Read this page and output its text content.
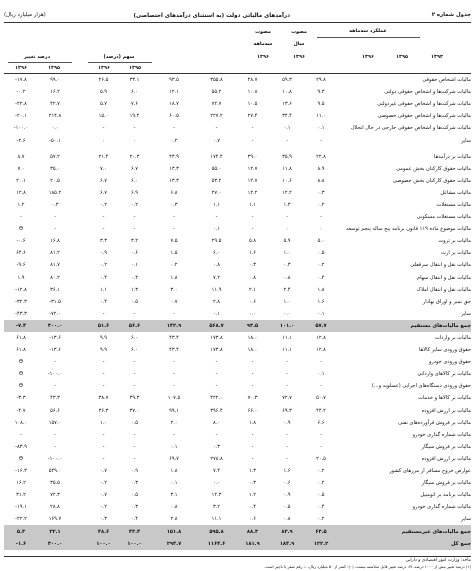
(هزار میلیارد ریال)	درآمدهای مالیاتی دولت (به استثنای درآمدهای اختصاصی)	جدول شماره ۲
عملکرد سه‌ماهه
مصوب
سال
مصوب
سه‌ماهه
سهم (درصد)
درصد تغییر	۱۳۹۴
۱۳۹۵
۱۳۹۶
۱۳۹۶
۱۳۹۶
۱۳۹۵
۱۳۹۶
۱۳۹۵
۱۳۹۶
-۱۷.۸	۹۹.۰		۲۶.۵	۳۳.۱	۹۳.۵	۳۵۵.۸	۴۸.۷	۵۹.۳	۲۹.۸	مالیات اشخاص حقوقی
-۰.۲	۱۶.۲		۵.۹	۶.۰	۱۲.۱	۵۵.۲	۱۰.۸	۱۰.۸	۹.۳	مالیات شرکت‌ها و اشخاص حقوقی دولتی
-۲۲.۸	۴۲.۷		۵.۷	۷.۶	۱۸.۷	۷۲.۷	۱۰.۵	۱۳.۶	۹.۵	مالیات شرکت‌ها و اشخاص حقوقی غیردولتی
-۲۰.۱	۲۱۴.۸		۱۵.۰	۱۹.۲	۶۰.۵	۲۲۷.۲	۲۷.۴	۳۴.۴	۱۱.۰	مالیات شرکت‌ها و اشخاص حقوقی خصوصی
-۱۰۰.۰	۰.۰		-	-	-	-	-	۰.۱	۰.۱	مالیات شرکت‌ها و اشخاص حقوقی خارجی در حال انحلال
-۲.۶	-۵۰.۱		۰	۰	۰.۲	۰.۷	-	-	-	سایر

۸.۷	۵۷.۲		۲۱.۴	۲۰.۳	۴۳.۹	۱۷۴.۴	۳۹.۰	۳۵.۹	۲۲.۸	مالیات بر درآمدها
۷.۰	۳۵.۰		۷.۰	۶.۷	۱۳.۳	۵۵.۰	۱۲.۷	۱۱.۸	۸.۹	مالیات حقوق کارکنان بخش عمومی
۲۰.۱	۲۰.۵		۶.۷	۶.۰	۱۳.۳	۵۳.۲	۱۲.۷	۱۰.۶	۸.۸	مالیات حقوق کارکنان بخش خصوصی
۱۲.۸	۱۸۵.۲		۶.۷	۶.۹	۶.۸	۲۷.۰	۱۲.۲	۱۲.۲	۰.۳	مالیات مشاغل
۱.۲	۰.۳		۰.۲	۰.۲	۰.۳	۱.۱	۱.۱	۱.۳	۰.۲	مالیات مستغلات
-	-		-	-	-	-	-	-	-	مالیات مستغلات مسکونی
Θ	-		-	-	-	۰.۱	-	۰	۰	مالیات موضوع ماده ۱۱۹ قانون برنامه پنج ساله پنجم توسعه
-۰.۶	۱۶.۸		۳.۳	۳.۲	۷.۵	۲۹.۵	۵.۸	۵.۹	۵.۰	مالیات بر ثروت
۶۴.۶	۸۱.۲		۰.۹	۰.۶	۱.۵	۶.۰	۱.۶	۱.۰	۰.۵	مالیات بر ارث
-۹.۶	۸۱.۷		۰.۲	۰.۱	۰.۲	۰.۸	۰.۳	۰.۳	۰.۲	مالیات نقل و انتقال سرقفلی
۱.۹	۸۰.۲		۰.۴	۰.۴	۱.۸	۷.۲	۰.۸	۰.۸	۰.۴	مالیات نقل و انتقال سهام
-۱۲.۸	۳۶.۱		۱.۱	۱.۳	۳.۰	۱۱.۹	۲.۱	۲.۴	۱.۸	مالیات نقل و انتقال املاک
-۳۲.۳	-۳۱.۵		۰.۴	۰.۵	۰.۷	۲.۸	۰.۶	۱.۰	۱.۶	حق تمبر و اوراق بهادار
-۴۳.۳	-۷۲.۰		-	-	-	۰.۱	۰.۰	۰.۰	۰.۱	سایر
-۷.۴	۳۰۰.۰		۵۱.۶	۵۶.۶	۱۴۲.۹	۵۶۸.۷	۹۳.۵	۱۰۱.۰	۵۷.۷	جمع مالیات‌های مستقیم
۶۱.۸	-۱۳.۶		۹.۹	۶.۰	۴۳.۴	۱۷۳.۸	۱۸.۰	۱۱.۱	۱۲.۸	مالیات بر واردات
۶۱.۸	-۱۳.۶		۹.۹	۶.۰	۴۳.۴	۱۷۳.۸	۱۸.۰	۱۱.۱	۱۲.۸	حقوق ورودی سایر کالاها
Θ	-		-	-	-	-	-	-	-	حقوق ورودی خودرو
Θ	-۱۰۰.۰		-	-	-	-	-	-	۰.۱	مالیات بر کالاهای وارداتی
Θ	-		-	-	-	-	-	-	-	حقوق ورودی دستگاه‌های اجرایی (عسلویه و...)
-۳.۳	۴۳.۳		۳۸.۷	۳۹.۳	۱۰۷.۵	۴۲۲.۰	۷۰.۳	۷۲.۷	۵۰.۷	مالیات بر کالاها و خدمات
-۴.۷	۵۶.۶		۳۶.۳	۳۷.۰	۹۹.۱	۳۹۶.۴	۶۶.۰	۶۹.۳	۴۴.۲	مالیات بر ارزش افزوده
۱۰۸.۰	۱۵۷.۰		۱.۰	۰.۵	۲.۰	۸.۰	۱.۸	۰.۹	۶.۶	مالیات بر فروش فرآورده‌های نفتی
-	-		-	-	-	-	-	-	-	مالیات شماره گذاری خودرو
-۸۳.۹	-		-	-	۰.۱	۰.۳	-	-	-	مالیات بر فروش سیگار
Θ	-۱۰۰.۰		-	-	۶۹.۷	۲۷۸.۸	-	-	۲۰.۵	مالیات بر ارزش افزوده
-۱۶.۳	۵۴۹.۰		۰.۷	۰.۹	۱.۸	۷.۴	۱.۳	۱.۶	۰.۲	عوارض خروج مسافر از مرزهای کشور
۱۶.۲	۳۵.۵		۰.۲	۰.۳	۰.۱	۰.۰	۰.۳	۰.۶	۰.۲	مالیات بر فروش سیگار
۳۱.۲	۷۲.۳		۰.۷	۰.۵	۳.۱	۱۲.۳	۱.۲	۰.۹	۰.۵	مالیات برنامه بر اتومبیل
-۱۹.۱	۲۸.۸		۰.۲	۰.۳	۰.۸	۳.۲	۰.۴	۰.۵	۰.۴	مالیات شماره گذاری خودرو
-۲۲.۲	۱۶۹.۷		۰.۳	۰.۴	۲.۸	۱۱.۱	۰.۶	۰.۸	۰.۲	سایر
۵.۳	۳۲.۱		۴۸.۶	۴۳.۴	۱۵۱.۸	۵۹۵.۸	۸۸.۳	۸۳.۹	۶۳.۵	جمع مالیات‌های غیرمستقیم
-۱.۶	۳۰۰.۰		۱۰۰.۰	۱۰۰.۰	۲۹۴.۷	۱۱۶۴.۶	۱۸۱.۹	۱۸۴.۹	۱۲۲.۲	جمع کل
مأخذ: وزارت امور اقتصادی و دارایی
(۱) درصد تغییر بیش از ۱۰۰۰ درصد، Θ: درصد تغییر قابل محاسبه نیست، (۰): کمتر از ۵۰ میلیارد ریال، -: رقم صفر یا ناچیز است.
